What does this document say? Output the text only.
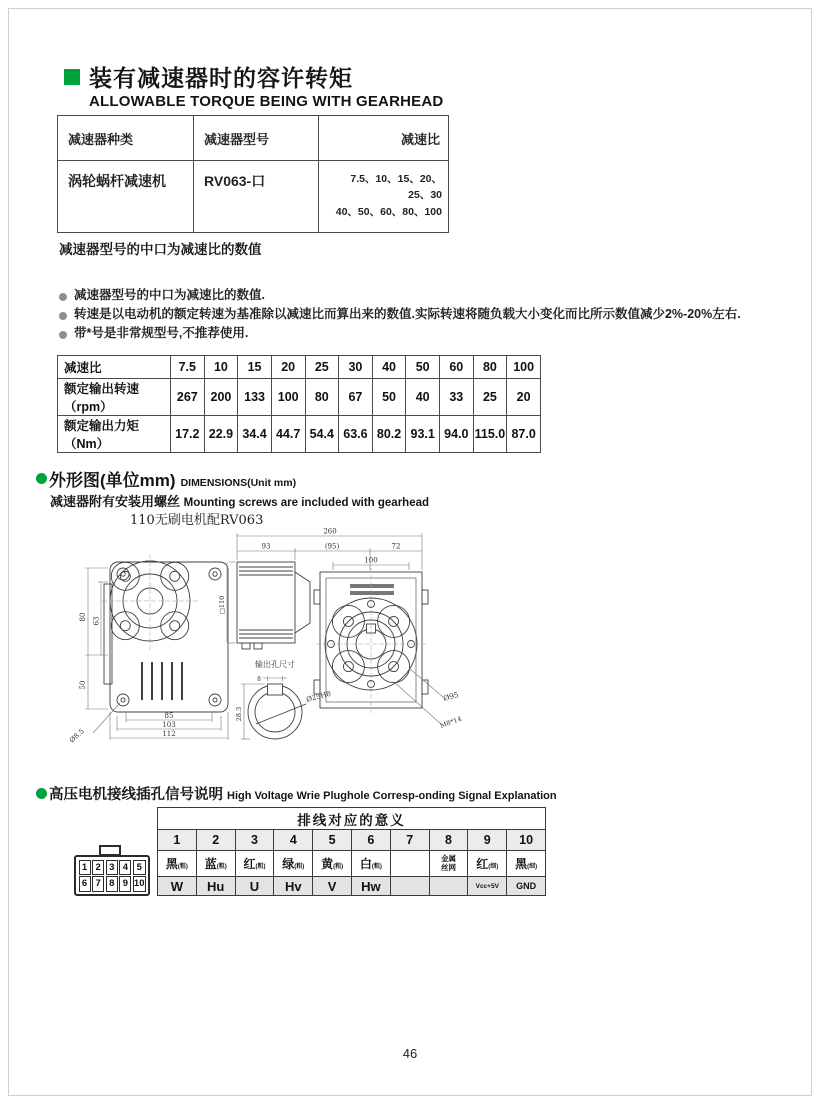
装有减速器时的容许转矩
ALLOWABLE TORQUE BEING WITH GEARHEAD
减速器种类	减速器型号	减速比
涡轮蜗杆减速机	RV063-口	7.5、10、15、20、25、30
40、50、60、80、100
减速器型号的中口为减速比的数值
减速器型号的中口为减速比的数值.
转速是以电动机的额定转速为基准除以减速比而算出来的数值.实际转速将随负载大小变化而比所示数值减少2%-20%左右.
带*号是非常规型号,不推荐使用.
减速比	7.5	10	15	20	25	30	40	50	60	80	100
额定输出转速（rpm）	267	200	133	100	80	67	50	40	33	25	20
额定输出力矩（Nm）	17.2	22.9	34.4	44.7	54.4	63.6	80.2	93.1	94.0	115.0	87.0
外形图(单位mm) DIMENSIONS(Unit mm)
减速器附有安装用螺丝 Mounting screws are included with gearhead
110无刷电机配RV063
80
50
63
85
103
112
Ø8.5
□110
输出孔尺寸
8
28.3
Ø25H8
260
93	(95)	72
100
Ø95
M8*14
高压电机接线插孔信号说明 High Voltage Wrie Plughole Corresp-onding Signal Explanation
1 2 3 4 5
6 7 8 9 10
排线对应的意义									
1	2	3	4	5	6	7	8	9	10
黑(粗)	蓝(粗)	红(粗)	绿(粗)	黄(粗)	白(粗)		金属丝网	红(细)	黑(细)
W	Hu	U	Hv	V	Hw			Vcc+5V	GND
46
